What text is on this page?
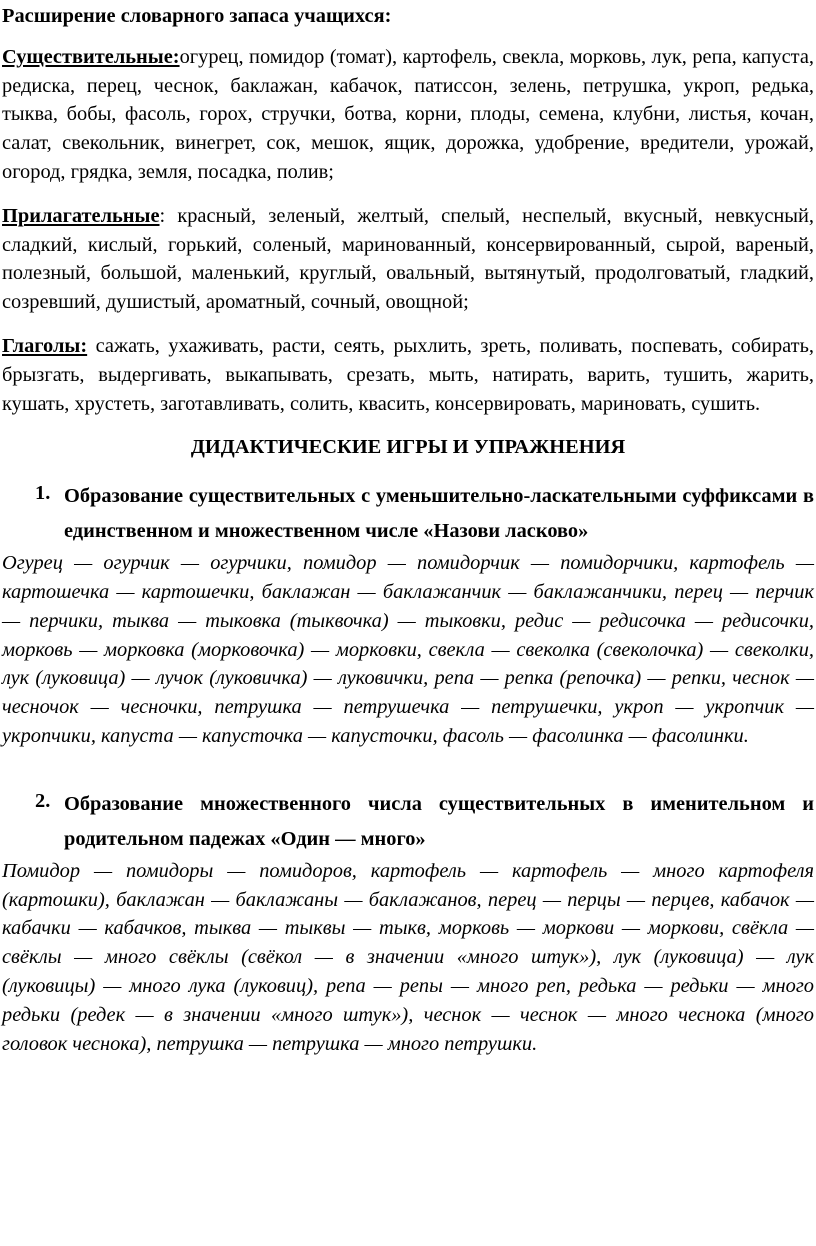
Расширение словарного запаса учащихся:

Существительные:огурец, помидор (томат), картофель, свекла, морковь, лук, репа, капуста, редиска, перец, чеснок, баклажан, кабачок, патиссон, зелень, петрушка, укроп, редька, тыква, бобы, фасоль, горох, стручки, ботва, корни, плоды, семена, клубни, листья, кочан, салат, свекольник, винегрет, сок, мешок, ящик, дорожка, удобрение, вредители, урожай, огород, грядка, земля, посадка, полив;

Прилагательные: красный, зеленый, желтый, спелый, неспелый, вкусный, невкусный, сладкий, кислый, горький, соленый, маринованный, консервированный, сырой, вареный, полезный, большой, маленький, круглый, овальный, вытянутый, продолговатый, гладкий, созревший, душистый, ароматный, сочный, овощной;

Глаголы: сажать, ухаживать, расти, сеять, рыхлить, зреть, поливать, поспевать, собирать, брызгать, выдергивать, выкапывать, срезать, мыть, натирать, варить, тушить, жарить, кушать, хрустеть, заготавливать, солить, квасить, консервировать, мариновать, сушить.

ДИДАКТИЧЕСКИЕ ИГРЫ И УПРАЖНЕНИЯ

1. Образование существительных с уменьшительно-ласкательными суффиксами в единственном и множественном числе «Назови ласково»

Огурец — огурчик — огурчики, помидор — помидорчик — помидорчики, картофель — картошечка — картошечки, баклажан — баклажанчик — баклажанчики, перец — перчик — перчики, тыква — тыковка (тыквочка) — тыковки, редис — редисочка — редисочки, морковь — морковка (морковочка) — морковки, свекла — свеколка (свеколочка) — свеколки, лук (луковица) — лучок (луковичка) — луковички, репа — репка (репочка) — репки, чеснок — чесночок — чесночки, петрушка — петрушечка — петрушечки, укроп — укропчик — укропчики, капуста — капусточка — капусточки, фасоль — фасолинка — фасолинки.

2. Образование множественного числа существительных в именительном и родительном падежах «Один — много»

Помидор — помидоры — помидоров, картофель — картофель — много картофеля (картошки), баклажан — баклажаны — баклажанов, перец — перцы — перцев, кабачок — кабачки — кабачков, тыква — тыквы — тыкв, морковь — моркови — моркови, свёкла — свёклы — много свёклы (свёкол — в значении «много штук»), лук (луковица) — лук (луковицы) — много лука (луковиц), репа — репы — много реп, редька — редьки — много редьки (редек — в значении «много штук»), чеснок — чеснок — много чеснока (много головок чеснока), петрушка — петрушка — много петрушки.
